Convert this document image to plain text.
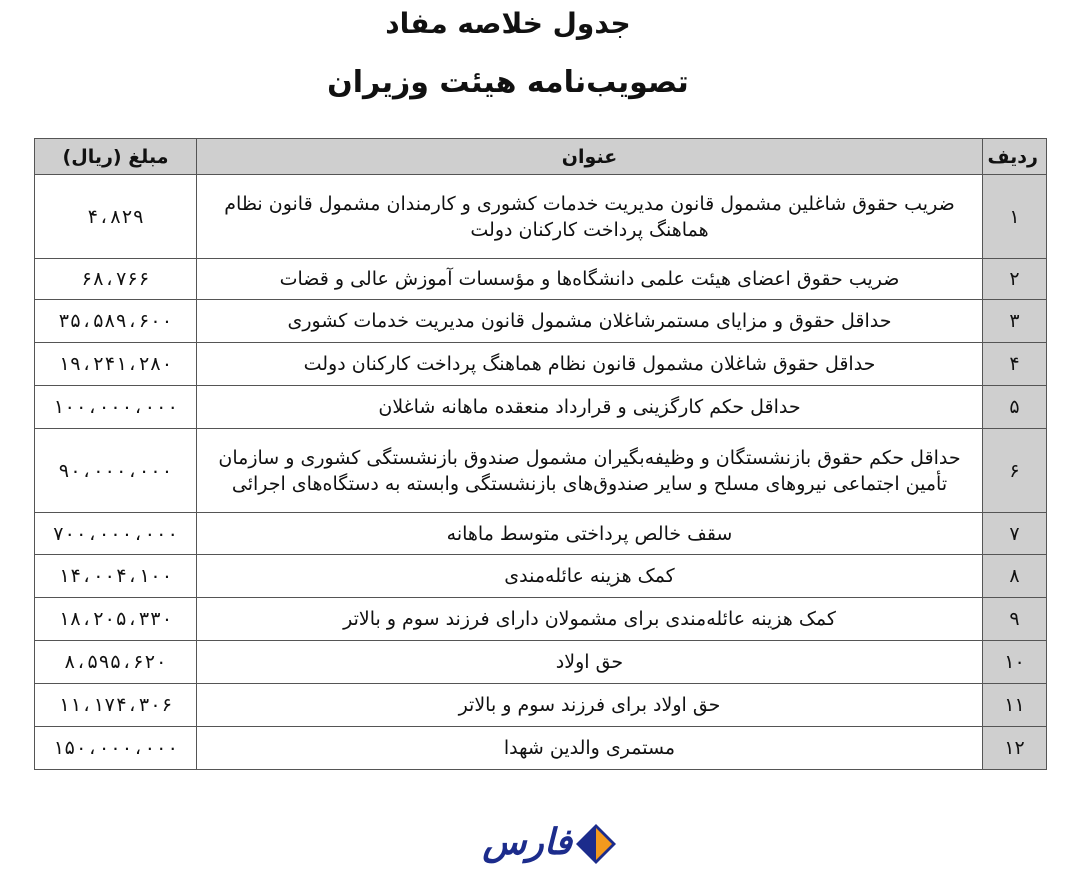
جدول خلاصه مفاد
تصویب‌نامه هیئت وزیران
ردیف	عنوان	مبلغ (ریال)
۱	ضریب حقوق شاغلین مشمول قانون مدیریت خدمات کشوری و کارمندان مشمول قانون نظام هماهنگ پرداخت کارکنان دولت	۴،۸۲۹
۲	ضریب حقوق اعضای هیئت علمی دانشگاه‌ها و مؤسسات آموزش عالی و قضات	۶۸،۷۶۶
۳	حداقل حقوق و مزایای مستمرشاغلان مشمول قانون مدیریت خدمات کشوری	۳۵،۵۸۹،۶۰۰
۴	حداقل حقوق شاغلان مشمول قانون نظام هماهنگ پرداخت کارکنان دولت	۱۹،۲۴۱،۲۸۰
۵	حداقل حکم کارگزینی و قرارداد منعقده ماهانه شاغلان	۱۰۰،۰۰۰،۰۰۰
۶	حداقل حکم حقوق بازنشستگان و وظیفه‌بگیران مشمول صندوق بازنشستگی کشوری و سازمان تأمین اجتماعی نیروهای مسلح و سایر صندوق‌های بازنشستگی وابسته به دستگاه‌های اجرائی	۹۰،۰۰۰،۰۰۰
۷	سقف خالص پرداختی متوسط ماهانه	۷۰۰،۰۰۰،۰۰۰
۸	کمک هزینه عائله‌مندی	۱۴،۰۰۴،۱۰۰
۹	کمک هزینه عائله‌مندی برای مشمولان دارای فرزند سوم و بالاتر	۱۸،۲۰۵،۳۳۰
۱۰	حق اولاد	۸،۵۹۵،۶۲۰
۱۱	حق اولاد برای فرزند سوم و بالاتر	۱۱،۱۷۴،۳۰۶
۱۲	مستمری والدین شهدا	۱۵۰،۰۰۰،۰۰۰
فارس
